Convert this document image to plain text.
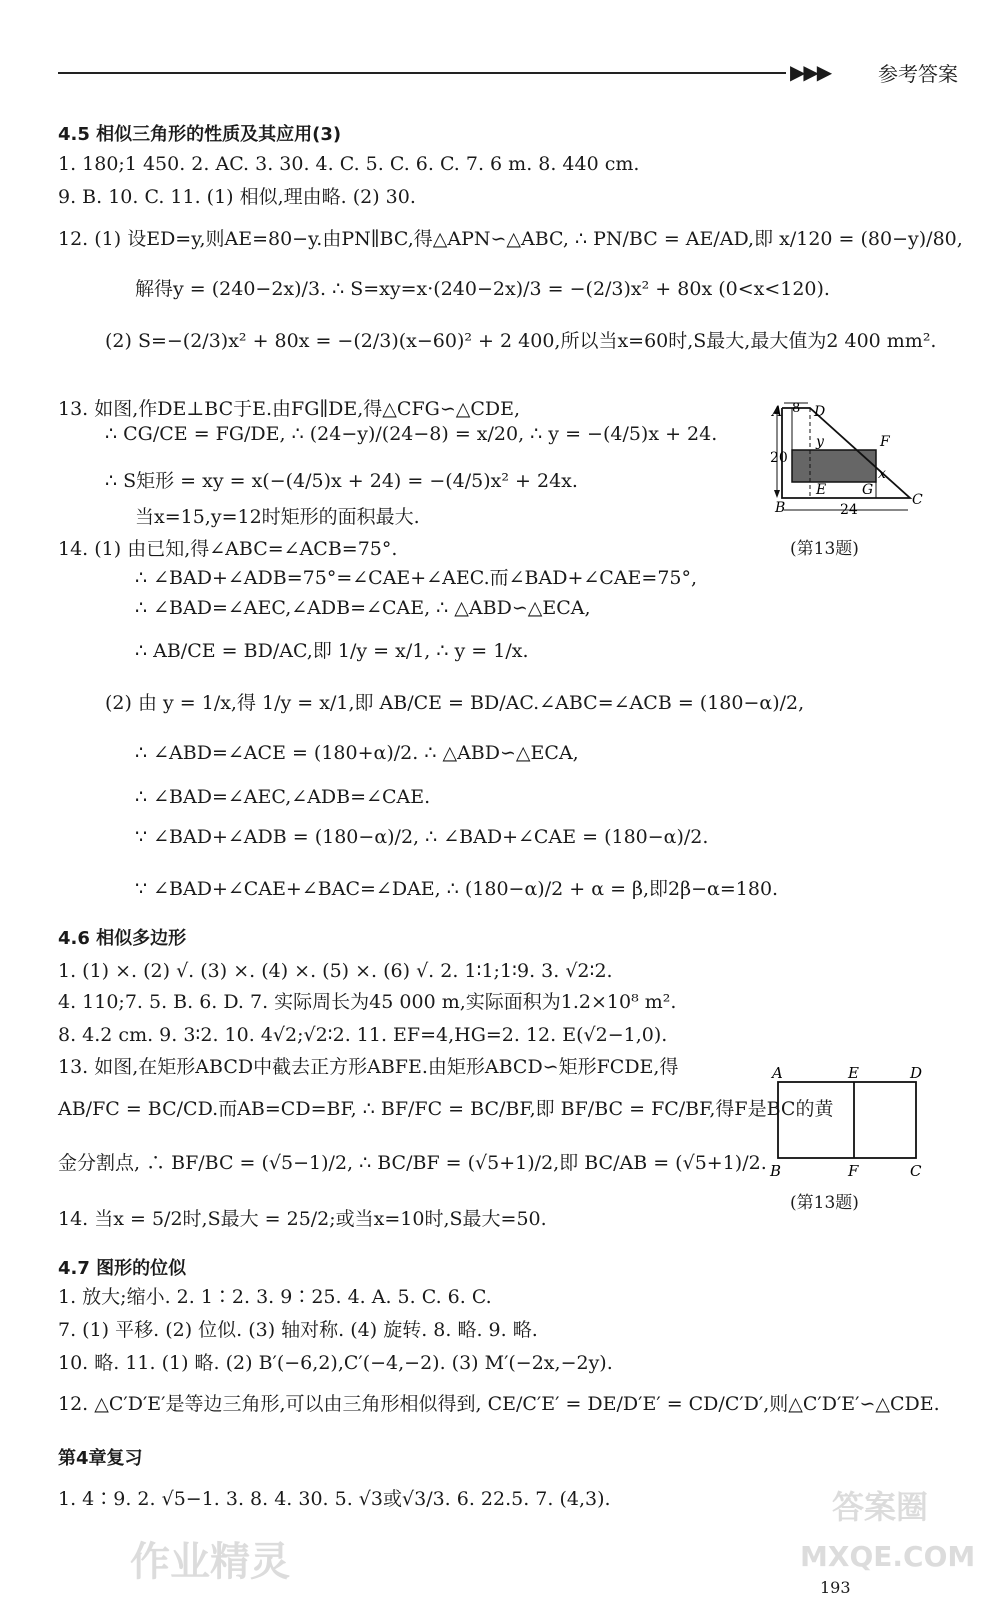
▶▶▶ 参考答案
4.5 相似三角形的性质及其应用(3)
1. 180;1 450. 2. AC. 3. 30. 4. C. 5. C. 6. C. 7. 6 m. 8. 440 cm.
9. B. 10. C. 11. (1) 相似,理由略. (2) 30.
12. (1) 设ED=y,则AE=80−y.由PN∥BC,得△APN∽△ABC, ∴ PN/BC = AE/AD,即 x/120 = (80−y)/80,
解得y = (240−2x)/3. ∴ S=xy=x·(240−2x)/3 = −(2/3)x² + 80x (0<x<120).
(2) S=−(2/3)x² + 80x = −(2/3)(x−60)² + 2 400,所以当x=60时,S最大,最大值为2 400 mm².
13. 如图,作DE⊥BC于E.由FG∥DE,得△CFG∽△CDE,
∴ CG/CE = FG/DE, ∴ (24−y)/(24−8) = x/20, ∴ y = −(4/5)x + 24.
∴ S矩形 = xy = x(−(4/5)x + 24) = −(4/5)x² + 24x.
当x=15,y=12时矩形的面积最大.
14. (1) 由已知,得∠ABC=∠ACB=75°.
∴ ∠BAD+∠ADB=75°=∠CAE+∠AEC.而∠BAD+∠CAE=75°,
∴ ∠BAD=∠AEC,∠ADB=∠CAE, ∴ △ABD∽△ECA,
∴ AB/CE = BD/AC,即 1/y = x/1, ∴ y = 1/x.
(2) 由 y = 1/x,得 1/y = x/1,即 AB/CE = BD/AC.∠ABC=∠ACB = (180−α)/2,
∴ ∠ABD=∠ACE = (180+α)/2. ∴ △ABD∽△ECA,
∴ ∠BAD=∠AEC,∠ADB=∠CAE.
∵ ∠BAD+∠ADB = (180−α)/2, ∴ ∠BAD+∠CAE = (180−α)/2.
∵ ∠BAD+∠CAE+∠BAC=∠DAE, ∴ (180−α)/2 + α = β,即2β−α=180.
A D
8
20
y	F
x
E	G
B	C
24
(第13题)
4.6 相似多边形
1. (1) ×. (2) √. (3) ×. (4) ×. (5) ×. (6) √. 2. 1∶1;1∶9. 3. √2∶2.
4. 110;7. 5. B. 6. D. 7. 实际周长为45 000 m,实际面积为1.2×10⁸ m².
8. 4.2 cm. 9. 3∶2. 10. 4√2;√2∶2. 11. EF=4,HG=2. 12. E(√2−1,0).
13. 如图,在矩形ABCD中截去正方形ABFE.由矩形ABCD∽矩形FCDE,得
AB/FC = BC/CD.而AB=CD=BF, ∴ BF/FC = BC/BF,即 BF/BC = FC/BF,得F是BC的黄
金分割点, ∴ BF/BC = (√5−1)/2, ∴ BC/BF = (√5+1)/2,即 BC/AB = (√5+1)/2.
14. 当x = 5/2时,S最大 = 25/2;或当x=10时,S最大=50.
A	E	D
B	F	C
(第13题)
4.7 图形的位似
1. 放大;缩小. 2. 1∶2. 3. 9∶25. 4. A. 5. C. 6. C.
7. (1) 平移. (2) 位似. (3) 轴对称. (4) 旋转. 8. 略. 9. 略.
10. 略. 11. (1) 略. (2) B′(−6,2),C′(−4,−2). (3) M′(−2x,−2y).
12. △C′D′E′是等边三角形,可以由三角形相似得到, CE/C′E′ = DE/D′E′ = CD/C′D′,则△C′D′E′∽△CDE.
第4章复习
1. 4∶9. 2. √5−1. 3. 8. 4. 30. 5. √3或√3/3. 6. 22.5. 7. (4,3).
193
作业精灵
答案圈
MXQE.COM
